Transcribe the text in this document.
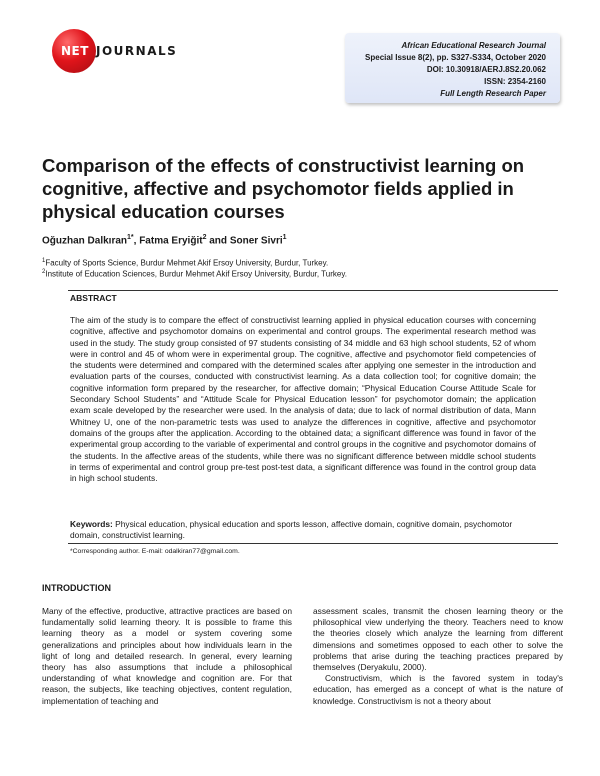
NET JOURNALS	African Educational Research Journal
Special Issue 8(2), pp. S327-S334, October 2020
DOI: 10.30918/AERJ.8S2.20.062
ISSN: 2354-2160
Full Length Research Paper
Comparison of the effects of constructivist learning on cognitive, affective and psychomotor fields applied in physical education courses
Oğuzhan Dalkıran$^{1*}$, Fatma Eryiğit$^2$ and Soner Sivri$^1$
$^1$Faculty of Sports Science, Burdur Mehmet Akif Ersoy University, Burdur, Turkey.
$^2$Institute of Education Sciences, Burdur Mehmet Akif Ersoy University, Burdur, Turkey.
ABSTRACT
The aim of the study is to compare the effect of constructivist learning applied in physical education courses with concerning cognitive, affective and psychomotor domains on experimental and control groups. The experimental research method was used in the study. The study group consisted of 97 students consisting of 34 middle and 63 high school students, 52 of whom were in control and 45 of whom were in experimental group. The cognitive, affective and psychomotor field competencies of the students were determined and compared with the determined scales after applying one semester in the introduction and evaluation parts of the courses, conducted with constructivist learning. As a data collection tool; for cognitive domain; the cognitive information form prepared by the researcher, for affective domain; “Physical Education Course Attitude Scale for Secondary School Students” and “Attitude Scale for Physical Education lesson” for psychomotor domain; the application exam scale developed by the researcher were used. In the analysis of data; due to lack of normal distribution of data, Mann Whitney U, one of the non-parametric tests was used to analyze the differences in cognitive, affective and psychomotor domains of the groups after the application. According to the obtained data; a significant difference was found in favor of the experimental group according to the variable of experimental and control groups in the cognitive and psychomotor domains of the students. In the affective areas of the students, while there was no significant difference between middle school students in terms of experimental and control group pre-test post-test data, a significant difference was found in the control group data in high school students.
Keywords: Physical education, physical education and sports lesson, affective domain, cognitive domain, psychomotor domain, constructivist learning.
*Corresponding author. E-mail: odalkiran77@gmail.com.
INTRODUCTION

Many of the effective, productive, attractive practices are based on fundamentally solid learning theory. It is possible to frame this learning theory as a model or system covering some generalizations and principles about how individuals learn in the light of long and detailed research. In general, every learning theory has also assumptions that include a philosophical understanding of what knowledge and cognition are. For that reason, the subjects, like teaching objectives, content regulation, implementation of teaching and

assessment scales, transmit the chosen learning theory or the philosophical view underlying the theory. Teachers need to know the theories closely which analyze the learning from different dimensions and sometimes opposed to each other to solve the problems that arise during the teaching practices prepared by themselves (Deryakulu, 2000).

Constructivism, which is the favored system in today's education, has emerged as a concept of what is the nature of knowledge. Constructivism is not a theory about
